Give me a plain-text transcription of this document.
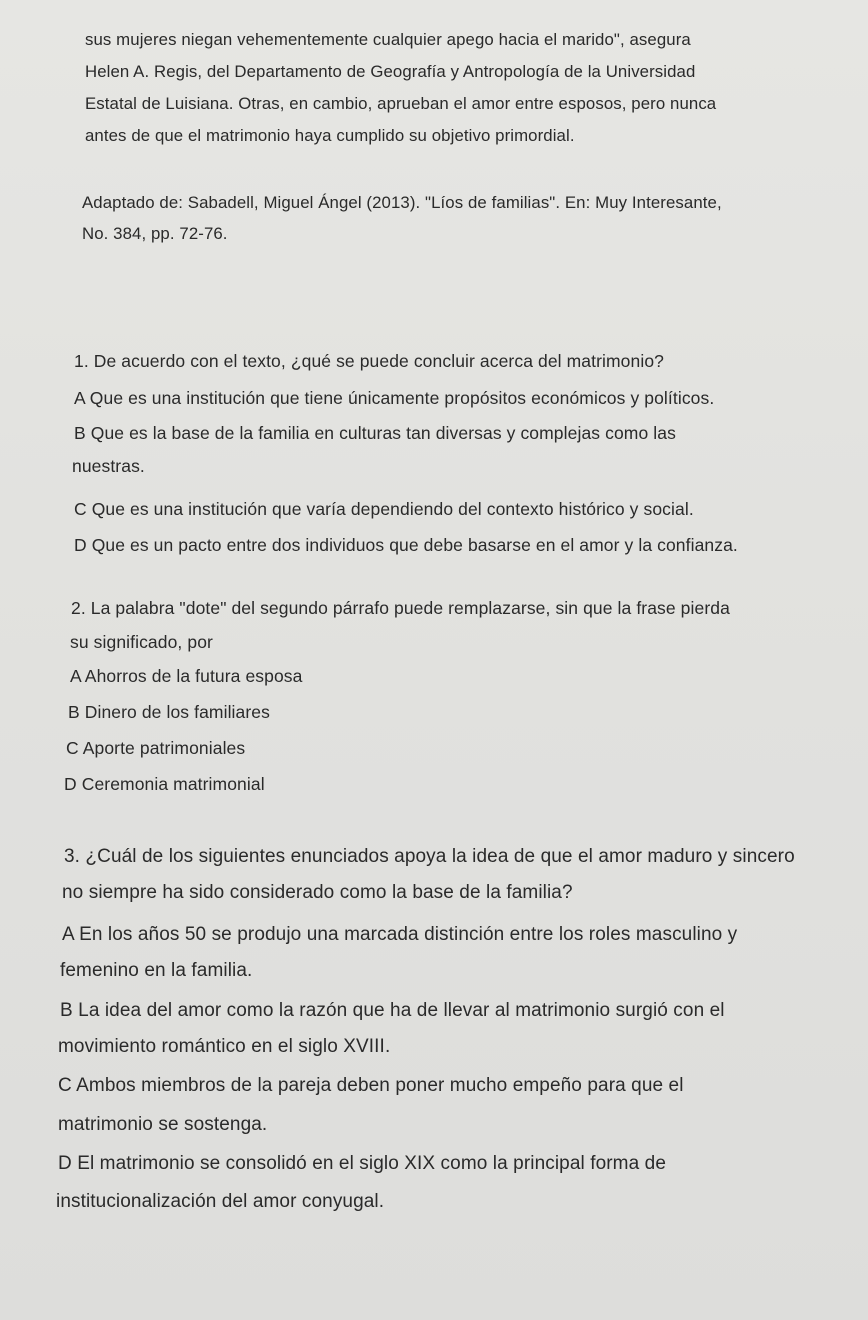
sus mujeres niegan vehementemente cualquier apego hacia el marido", asegura
Helen A. Regis, del Departamento de Geografía y Antropología de la Universidad
Estatal de Luisiana. Otras, en cambio, aprueban el amor entre esposos, pero nunca
antes de que el matrimonio haya cumplido su objetivo primordial.
Adaptado de: Sabadell, Miguel Ángel (2013). "Líos de familias". En: Muy Interesante,
No. 384, pp. 72-76.
1. De acuerdo con el texto, ¿qué se puede concluir acerca del matrimonio?
A Que es una institución que tiene únicamente propósitos económicos y políticos.
B Que es la base de la familia en culturas tan diversas y complejas como las
nuestras.
C Que es una institución que varía dependiendo del contexto histórico y social.
D Que es un pacto entre dos individuos que debe basarse en el amor y la confianza.
2. La palabra "dote" del segundo párrafo puede remplazarse, sin que la frase pierda
su significado, por
A Ahorros de la futura esposa
B Dinero de los familiares
C Aporte patrimoniales
D Ceremonia matrimonial
3. ¿Cuál de los siguientes enunciados apoya la idea de que el amor maduro y sincero
no siempre ha sido considerado como la base de la familia?
A En los años 50 se produjo una marcada distinción entre los roles masculino y
femenino en la familia.
B La idea del amor como la razón que ha de llevar al matrimonio surgió con el
movimiento romántico en el siglo XVIII.
C Ambos miembros de la pareja deben poner mucho empeño para que el
matrimonio se sostenga.
D El matrimonio se consolidó en el siglo XIX como la principal forma de
institucionalización del amor conyugal.
